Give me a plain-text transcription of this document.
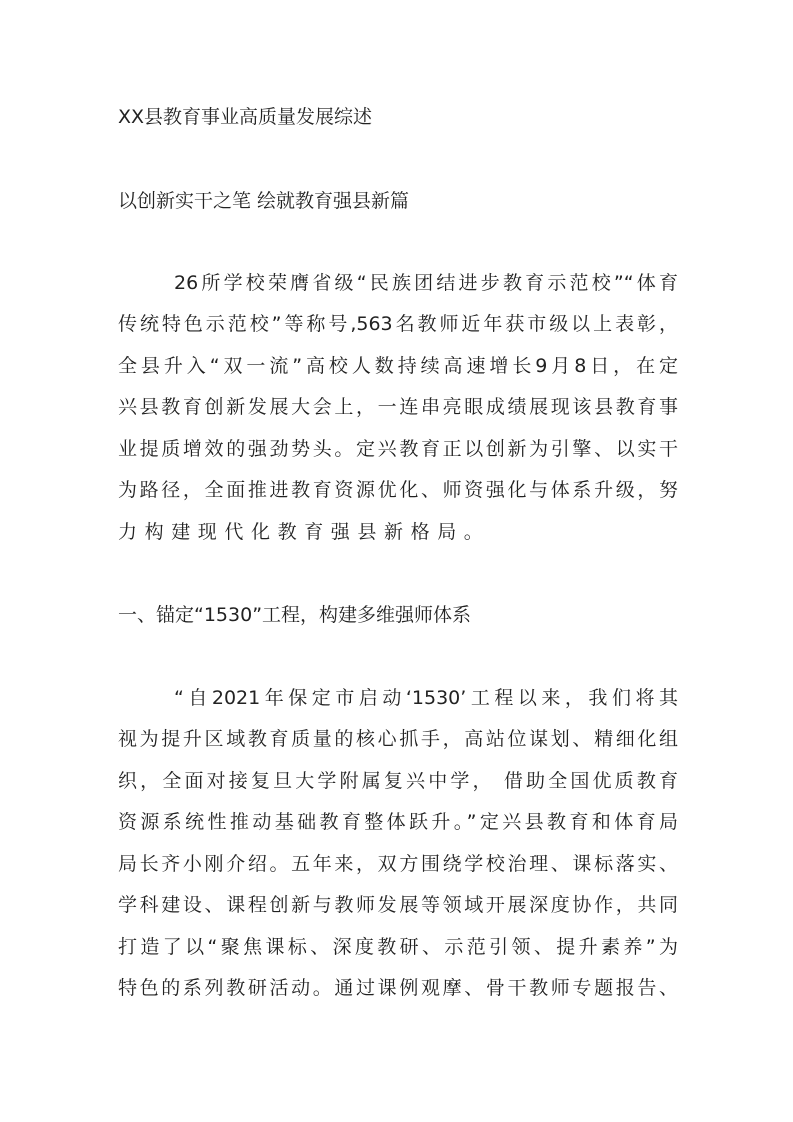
XX县教育事业高质量发展综述
以创新实干之笔 绘就教育强县新篇
26所学校荣膺省级“民族团结进步教育示范校”“体育
传统特色示范校”等称号,563名教师近年获市级以上表彰，
全县升入“双一流”高校人数持续高速增长9月8日，在定
兴县教育创新发展大会上，一连串亮眼成绩展现该县教育事
业提质增效的强劲势头。定兴教育正以创新为引擎、以实干
为路径，全面推进教育资源优化、师资强化与体系升级，努
力构建现代化教育强县新格局。
一、锚定“1530”工程，构建多维强师体系
“自2021年保定市启动‘1530’工程以来，我们将其
视为提升区域教育质量的核心抓手，高站位谋划、精细化组
织，全面对接复旦大学附属复兴中学， 借助全国优质教育
资源系统性推动基础教育整体跃升。”定兴县教育和体育局
局长齐小刚介绍。五年来，双方围绕学校治理、课标落实、
学科建设、课程创新与教师发展等领域开展深度协作，共同
打造了以“聚焦课标、深度教研、示范引领、提升素养”为
特色的系列教研活动。通过课例观摩、骨干教师专题报告、
